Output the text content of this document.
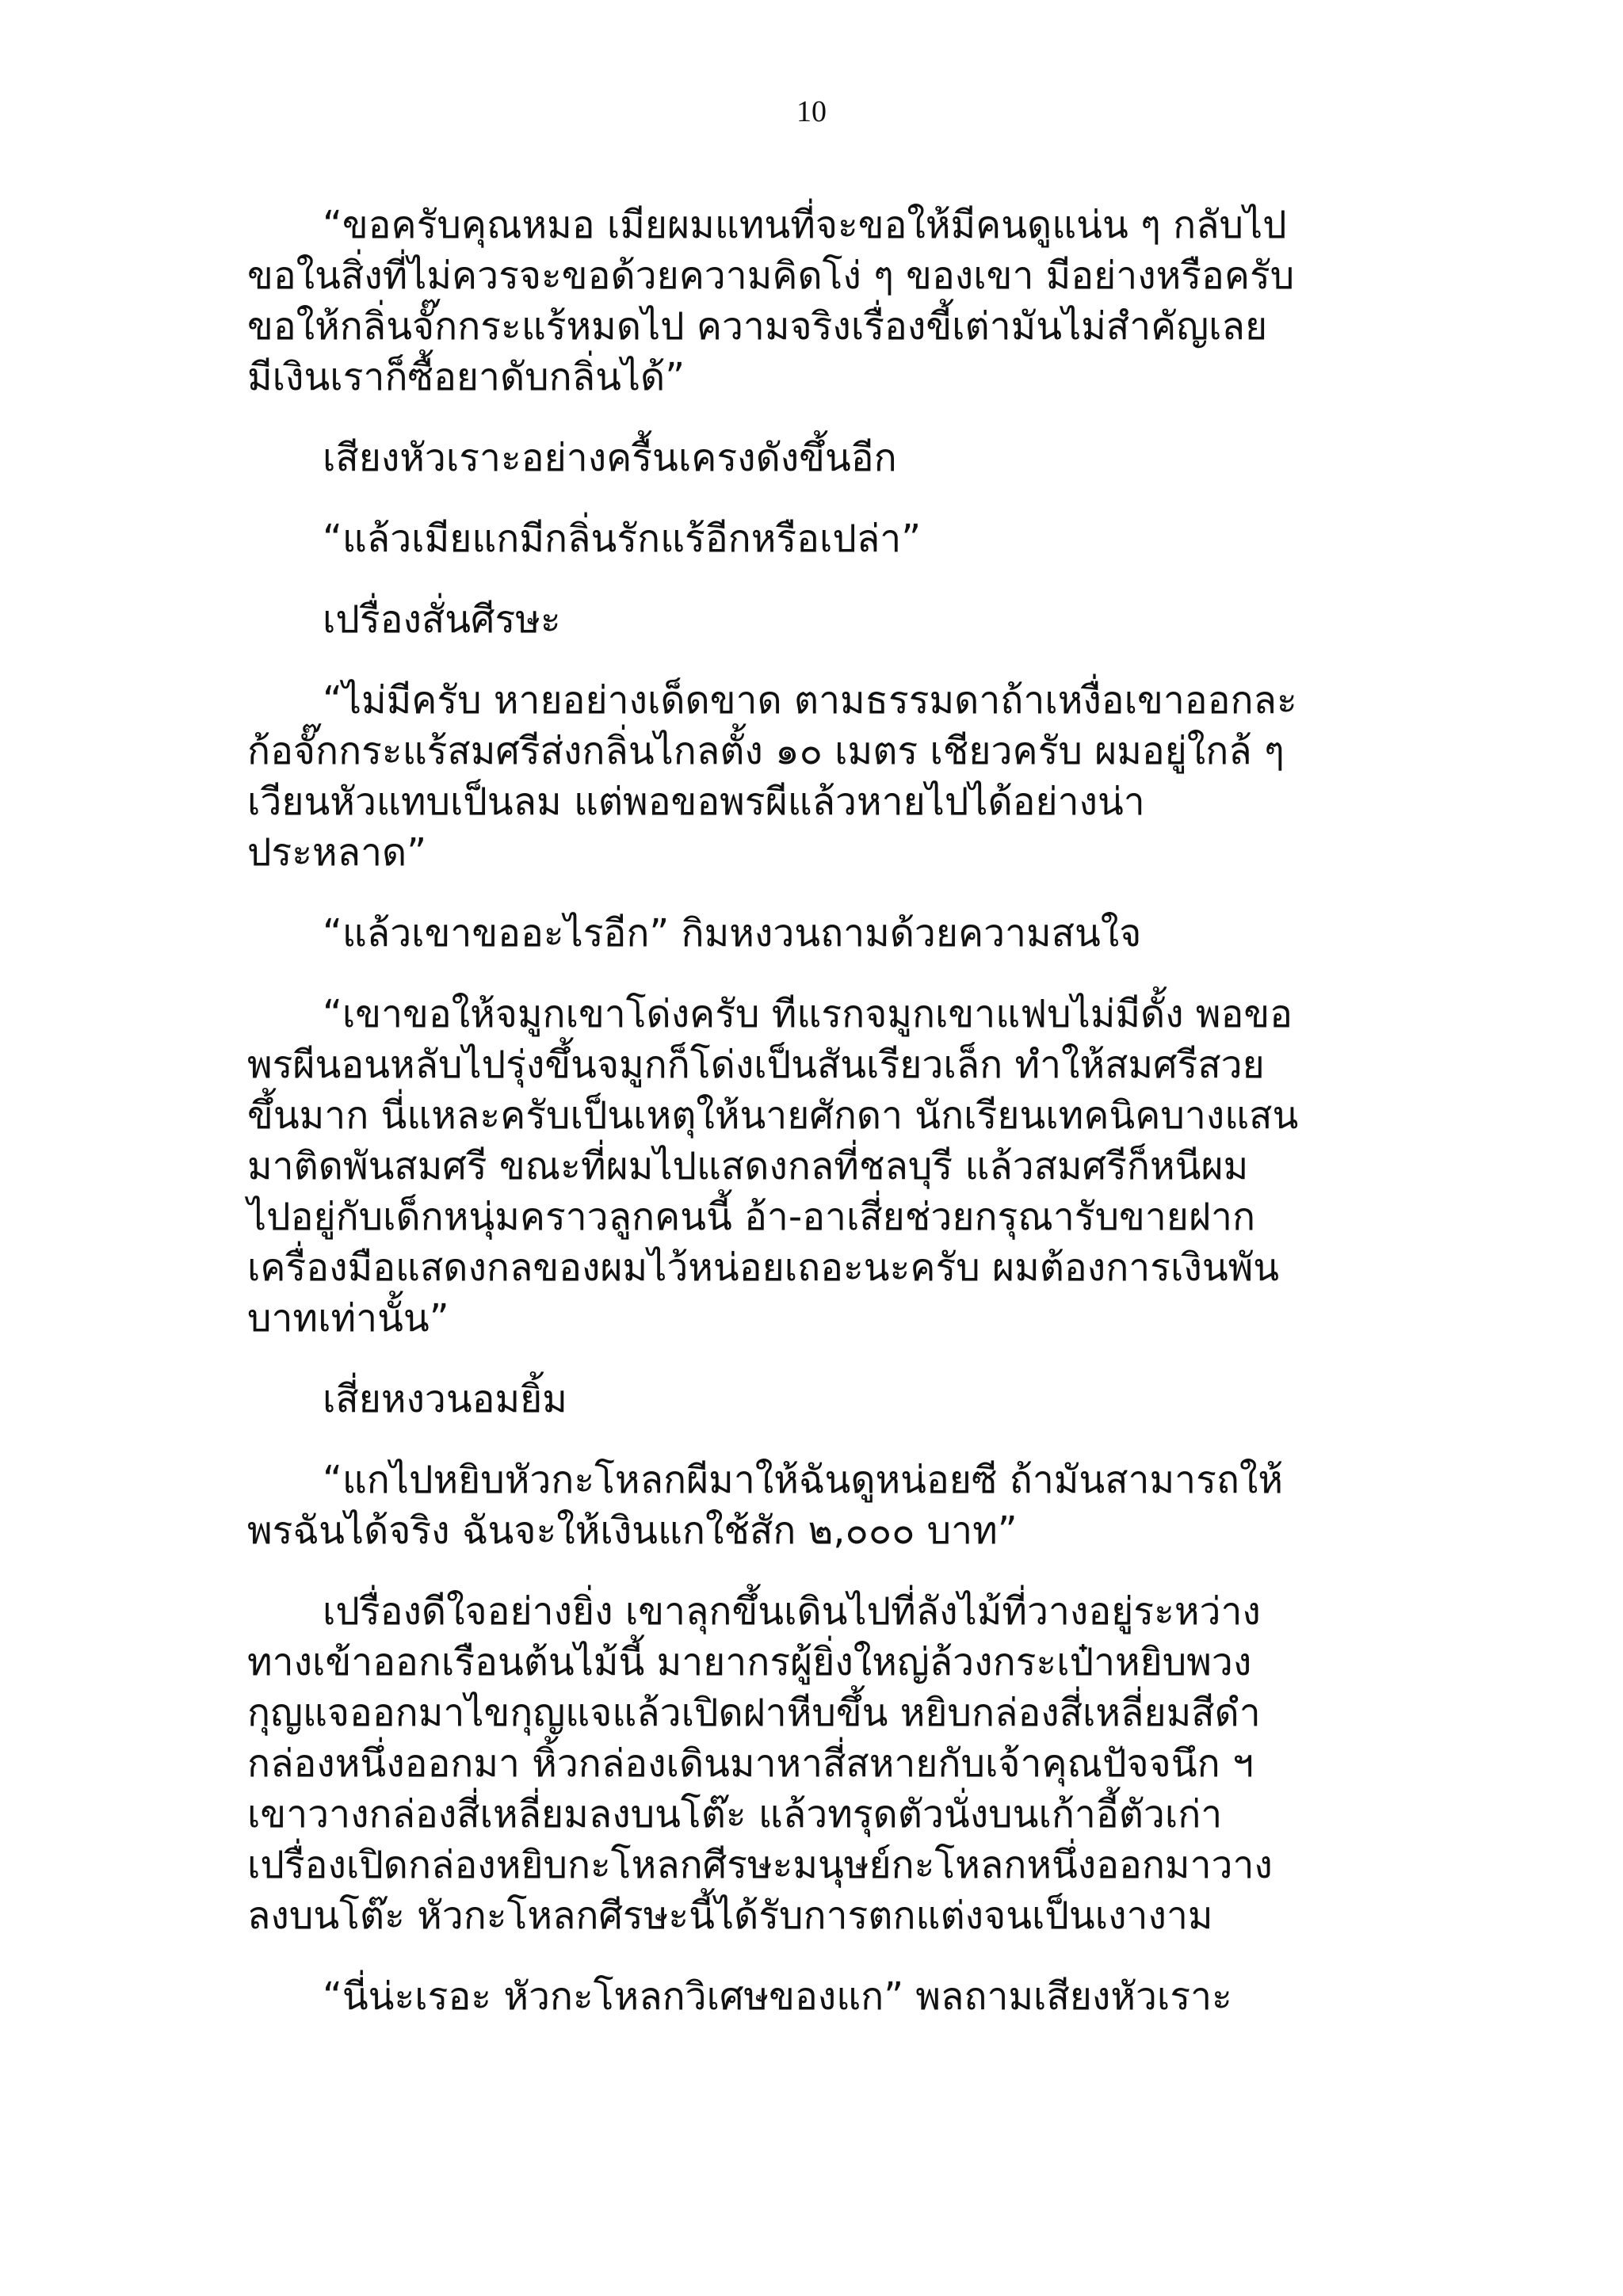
10

“ขอครับคุณหมอ เมียผมแทนที่จะขอให้มีคนดูแน่น ๆ กลับไป
ขอในสิ่งที่ไม่ควรจะขอด้วยความคิดโง่ ๆ ของเขา มีอย่างหรือครับ
ขอให้กลิ่นจั๊กกระแร้หมดไป ความจริงเรื่องขี้เต่ามันไม่สำคัญเลย
มีเงินเราก็ซื้อยาดับกลิ่นได้”

เสียงหัวเราะอย่างครื้นเครงดังขึ้นอีก

“แล้วเมียแกมีกลิ่นรักแร้อีกหรือเปล่า”

เปรื่องสั่นศีรษะ

“ไม่มีครับ หายอย่างเด็ดขาด ตามธรรมดาถ้าเหงื่อเขาออกละ
ก้อจั๊กกระแร้สมศรีส่งกลิ่นไกลตั้ง ๑๐ เมตร เชียวครับ ผมอยู่ใกล้ ๆ
เวียนหัวแทบเป็นลม แต่พอขอพรผีแล้วหายไปได้อย่างน่า
ประหลาด”

“แล้วเขาขออะไรอีก” กิมหงวนถามด้วยความสนใจ

“เขาขอให้จมูกเขาโด่งครับ ทีแรกจมูกเขาแฟบไม่มีดั้ง พอขอ
พรผีนอนหลับไปรุ่งขึ้นจมูกก็โด่งเป็นสันเรียวเล็ก ทำให้สมศรีสวย
ขึ้นมาก นี่แหละครับเป็นเหตุให้นายศักดา นักเรียนเทคนิคบางแสน
มาติดพันสมศรี ขณะที่ผมไปแสดงกลที่ชลบุรี แล้วสมศรีก็หนีผม
ไปอยู่กับเด็กหนุ่มคราวลูกคนนี้ อ้า-อาเสี่ยช่วยกรุณารับขายฝาก
เครื่องมือแสดงกลของผมไว้หน่อยเถอะนะครับ ผมต้องการเงินพัน
บาทเท่านั้น”

เสี่ยหงวนอมยิ้ม

“แกไปหยิบหัวกะโหลกผีมาให้ฉันดูหน่อยซี ถ้ามันสามารถให้
พรฉันได้จริง ฉันจะให้เงินแกใช้สัก ๒,๐๐๐ บาท”

เปรื่องดีใจอย่างยิ่ง เขาลุกขึ้นเดินไปที่ลังไม้ที่วางอยู่ระหว่าง
ทางเข้าออกเรือนต้นไม้นี้ มายากรผู้ยิ่งใหญ่ล้วงกระเป๋าหยิบพวง
กุญแจออกมาไขกุญแจแล้วเปิดฝาหีบขึ้น หยิบกล่องสี่เหลี่ยมสีดำ
กล่องหนึ่งออกมา หิ้วกล่องเดินมาหาสี่สหายกับเจ้าคุณปัจจนึก ฯ
เขาวางกล่องสี่เหลี่ยมลงบนโต๊ะ แล้วทรุดตัวนั่งบนเก้าอี้ตัวเก่า
เปรื่องเปิดกล่องหยิบกะโหลกศีรษะมนุษย์กะโหลกหนึ่งออกมาวาง
ลงบนโต๊ะ หัวกะโหลกศีรษะนี้ได้รับการตกแต่งจนเป็นเงางาม

“นี่น่ะเรอะ หัวกะโหลกวิเศษของแก” พลถามเสียงหัวเราะ
